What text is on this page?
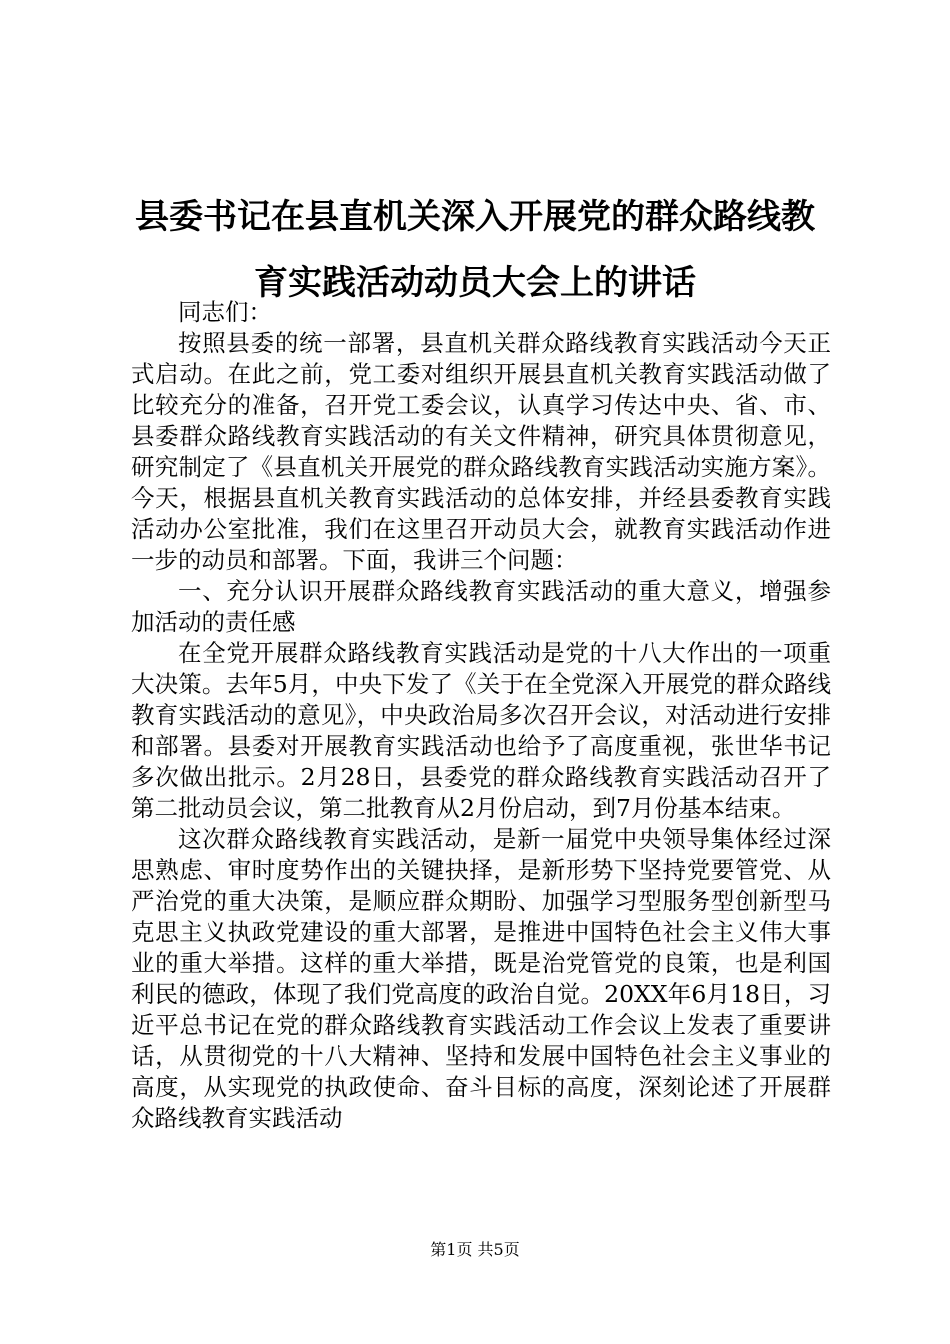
县委书记在县直机关深入开展党的群众路线教
育实践活动动员大会上的讲话

同志们：

按照县委的统一部署，县直机关群众路线教育实践活动今天正式启动。在此之前，党工委对组织开展县直机关教育实践活动做了比较充分的准备，召开党工委会议，认真学习传达中央、省、市、县委群众路线教育实践活动的有关文件精神，研究具体贯彻意见，研究制定了《县直机关开展党的群众路线教育实践活动实施方案》。今天，根据县直机关教育实践活动的总体安排，并经县委教育实践活动办公室批准，我们在这里召开动员大会，就教育实践活动作进一步的动员和部署。下面，我讲三个问题：

一、充分认识开展群众路线教育实践活动的重大意义，增强参加活动的责任感

在全党开展群众路线教育实践活动是党的十八大作出的一项重大决策。去年5月，中央下发了《关于在全党深入开展党的群众路线教育实践活动的意见》，中央政治局多次召开会议，对活动进行安排和部署。县委对开展教育实践活动也给予了高度重视，张世华书记多次做出批示。2月28日，县委党的群众路线教育实践活动召开了第二批动员会议，第二批教育从2月份启动，到7月份基本结束。

这次群众路线教育实践活动，是新一届党中央领导集体经过深思熟虑、审时度势作出的关键抉择，是新形势下坚持党要管党、从严治党的重大决策，是顺应群众期盼、加强学习型服务型创新型马克思主义执政党建设的重大部署，是推进中国特色社会主义伟大事业的重大举措。这样的重大举措，既是治党管党的良策，也是利国利民的德政，体现了我们党高度的政治自觉。20XX年6月18日，习近平总书记在党的群众路线教育实践活动工作会议上发表了重要讲话，从贯彻党的十八大精神、坚持和发展中国特色社会主义事业的高度，从实现党的执政使命、奋斗目标的高度，深刻论述了开展群众路线教育实践活动

第1页 共5页
